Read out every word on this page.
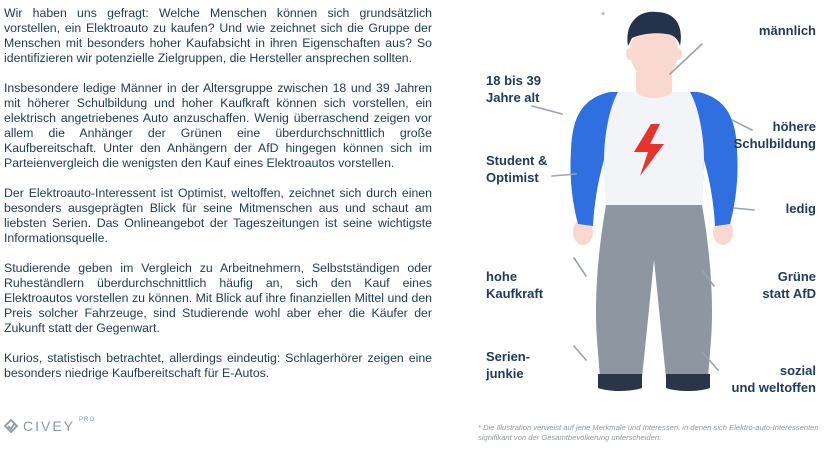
Wir haben uns gefragt: Welche Menschen können sich grundsätzlich vorstellen, ein Elektroauto zu kaufen? Und wie zeichnet sich die Gruppe der Menschen mit besonders hoher Kaufabsicht in ihren Eigenschaften aus? So identifizieren wir potenzielle Zielgruppen, die Hersteller ansprechen sollten.

Insbesondere ledige Männer in der Altersgruppe zwischen 18 und 39 Jahren mit höherer Schulbildung und hoher Kaufkraft können sich vorstellen, ein elektrisch angetriebenes Auto anzuschaffen. Wenig überraschend zeigen vor allem die Anhänger der Grünen eine überdurchschnittlich große Kaufbereitschaft. Unter den Anhängern der AfD hingegen können sich im Parteienvergleich die wenigsten den Kauf eines Elektroautos vorstellen.

Der Elektroauto-Interessent ist Optimist, weltoffen, zeichnet sich durch einen besonders ausgeprägten Blick für seine Mitmenschen aus und schaut am liebsten Serien. Das Onlineangebot der Tageszeitungen ist seine wichtigste Informationsquelle.

Studierende geben im Vergleich zu Arbeitnehmern, Selbstständigen oder Ruheständlern überdurchschnittlich häufig an, sich den Kauf eines Elektroautos vorstellen zu können. Mit Blick auf ihre finanziellen Mittel und den Preis solcher Fahrzeuge, sind Studierende wohl aber eher die Käufer der Zukunft statt der Gegenwart.

Kurios, statistisch betrachtet, allerdings eindeutig: Schlagerhörer zeigen eine besonders niedrige Kaufbereitschaft für E-Autos.

CIVEY PRO
*
männlich
18 bis 39
Jahre alt
höhere
Schulbildung
Student &
Optimist
ledig
hohe
Kaufkraft
Grüne
statt AfD
Serien-
junkie	sozial
und weltoffen
* Die Illustration verweist auf jene Merkmale und Interessen, in denen sich Elektro-auto-Interessenten signifikant von der Gesamtbevölkerung unterscheiden.
